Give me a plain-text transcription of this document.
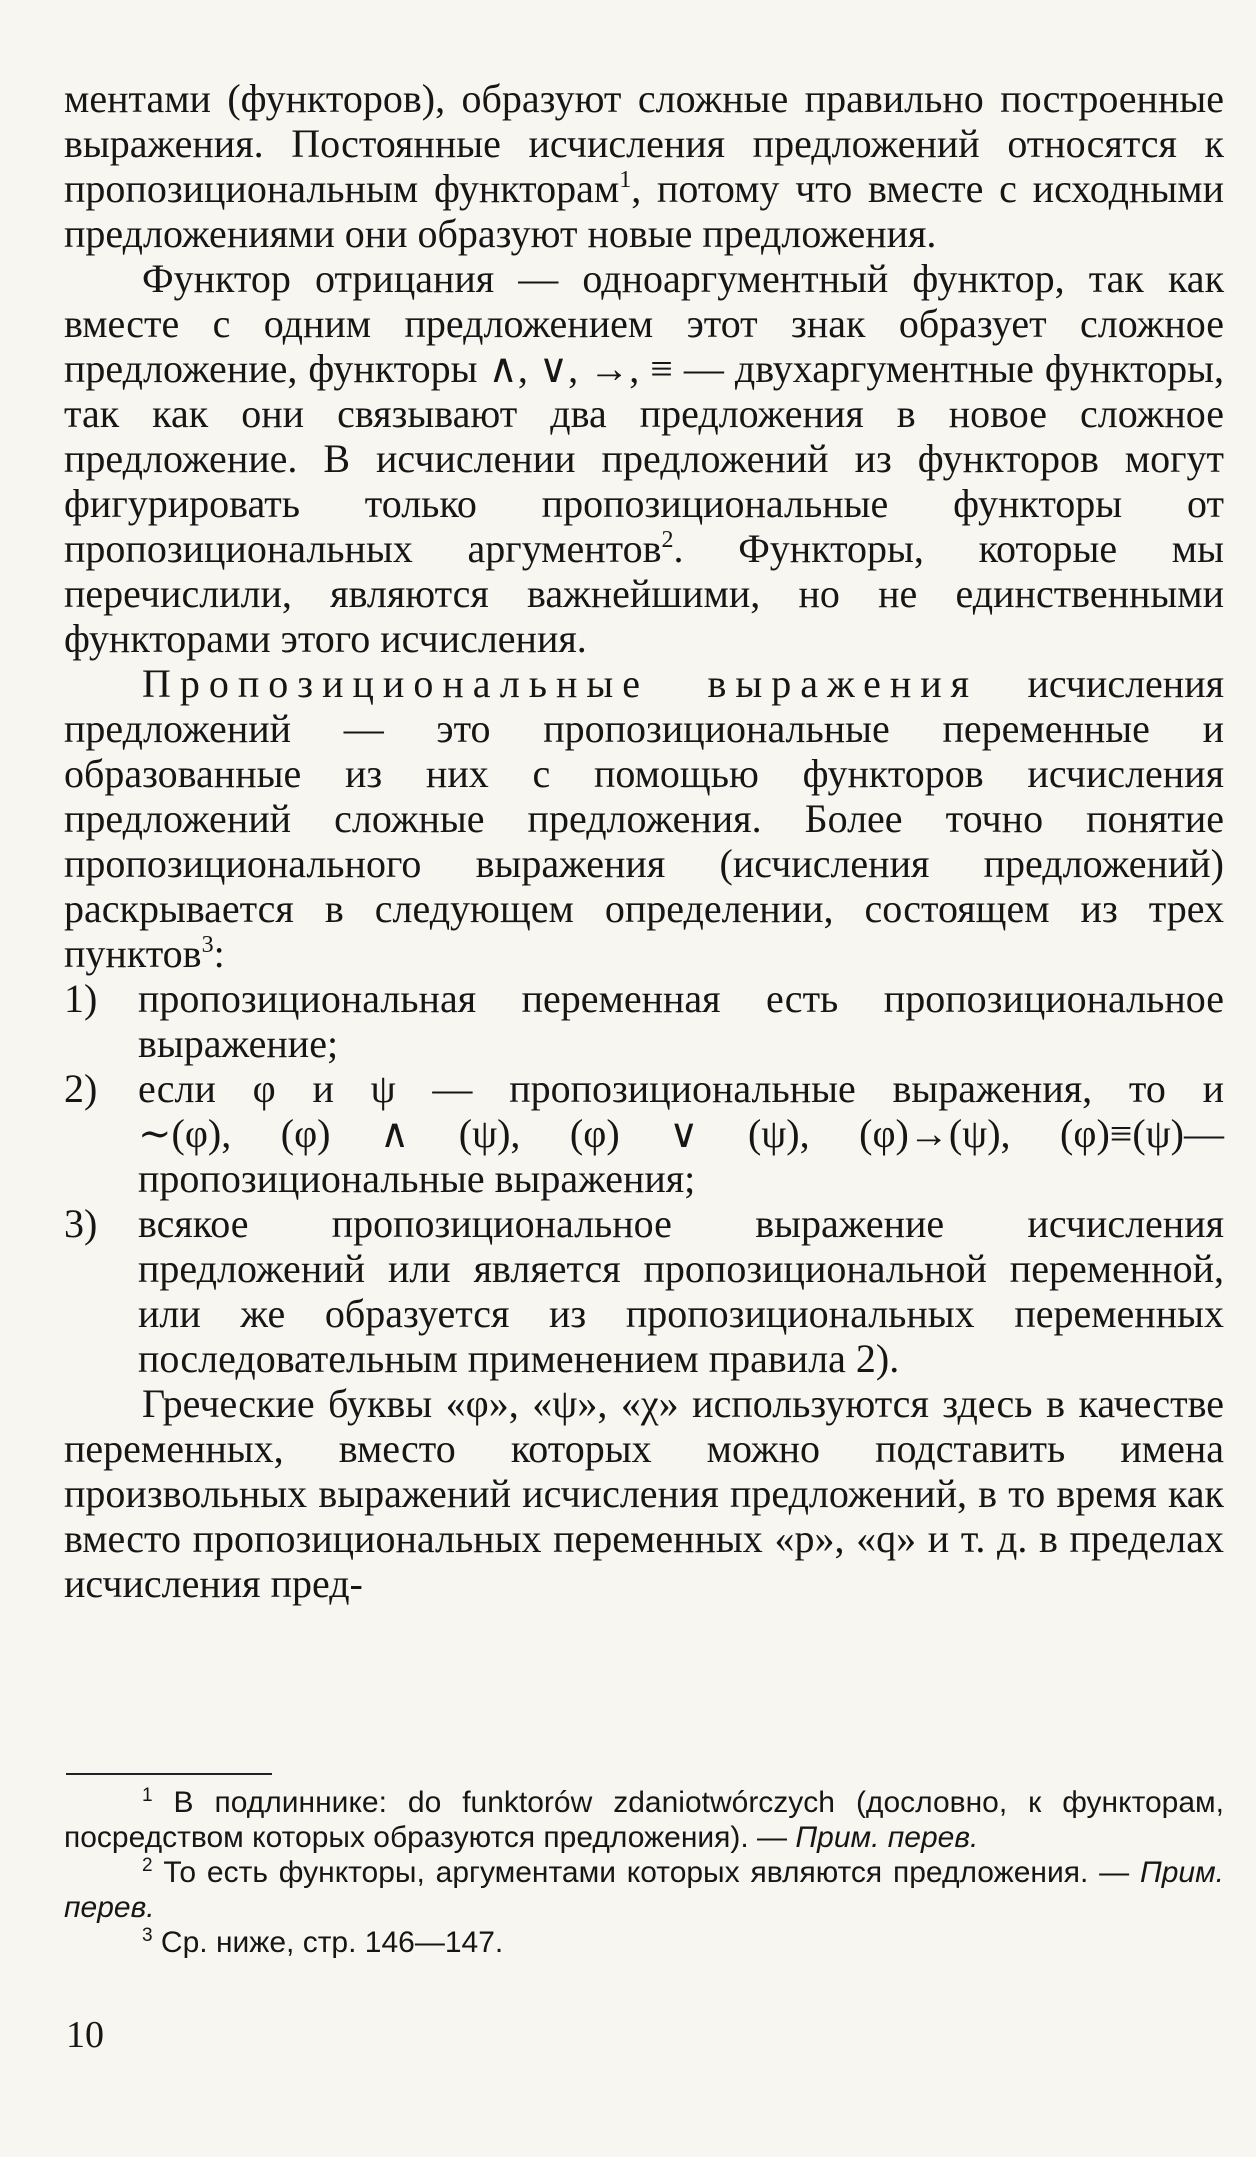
ментами (функторов), образуют сложные правильно построенные выражения. Постоянные исчисления предложений относятся к пропозициональным функторам$^1$, потому что вместе с исходными предложениями они образуют новые предложения.

Функтор отрицания — одноаргументный функтор, так как вместе с одним предложением этот знак образует сложное предложение, функторы ∧, ∨, →, ≡ — двухаргументные функторы, так как они связывают два предложения в новое сложное предложение. В исчислении предложений из функторов могут фигурировать только пропозициональные функторы от пропозициональных аргументов$^2$. Функторы, которые мы перечислили, являются важнейшими, но не единственными функторами этого исчисления.

Пропозициональные выражения исчисления предложений — это пропозициональные переменные и образованные из них с помощью функторов исчисления предложений сложные предложения. Более точно понятие пропозиционального выражения (исчисления предложений) раскрывается в следующем определении, состоящем из трех пунктов$^3$:

1) пропозициональная переменная есть пропозициональное выражение;

2) если φ и ψ — пропозициональные выражения, то и ∼(φ), (φ) ∧ (ψ), (φ) ∨ (ψ), (φ)→(ψ), (φ)≡(ψ)— пропозициональные выражения;

3) всякое пропозициональное выражение исчисления предложений или является пропозициональной переменной, или же образуется из пропозициональных переменных последовательным применением правила 2).

Греческие буквы «φ», «ψ», «χ» используются здесь в качестве переменных, вместо которых можно подставить имена произвольных выражений исчисления предложений, в то время как вместо пропозициональных переменных «p», «q» и т. д. в пределах исчисления пред-

$^1$ В подлиннике: do funktorów zdaniotwórczych (дословно, к функторам, посредством которых образуются предложения). — Прим. перев.

$^2$ То есть функторы, аргументами которых являются предложения. — Прим. перев.

$^3$ Ср. ниже, стр. 146—147.

10
